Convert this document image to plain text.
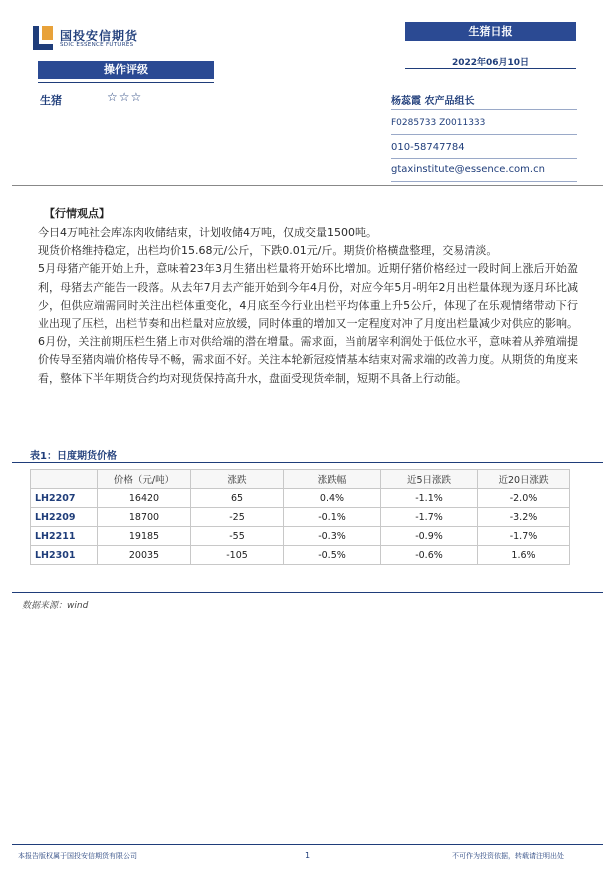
国投安信期货
SDIC ESSENCE FUTURES
生猪日报
2022年06月10日
操作评级
生猪	☆☆☆	杨蕊霞 农产品组长
F0285733 Z0011333
010-58747784
gtaxinstitute@essence.com.cn
【行情观点】

今日4万吨社会库冻肉收储结束，计划收储4万吨，仅成交量1500吨。

现货价格维持稳定，出栏均价15.68元/公斤，下跌0.01元/斤。期货价格横盘整理，交易清淡。

5月母猪产能开始上升，意味着23年3月生猪出栏量将开始环比增加。近期仔猪价格经过一段时间上涨后开始盈利，母猪去产能告一段落。从去年7月去产能开始到今年4月份，对应今年5月-明年2月出栏量体现为逐月环比减少，但供应端需同时关注出栏体重变化，4月底至今行业出栏平均体重上升5公斤，体现了在乐观情绪带动下行业出现了压栏，出栏节奏和出栏量对应放缓，同时体重的增加又一定程度对冲了月度出栏量减少对供应的影响。6月份，关注前期压栏生猪上市对供给端的潜在增量。需求面，当前屠宰利润处于低位水平，意味着从养殖端提价传导至猪肉端价格传导不畅，需求面不好。关注本轮新冠疫情基本结束对需求端的改善力度。从期货的角度来看，整体下半年期货合约均对现货保持高升水，盘面受现货牵制，短期不具备上行动能。

表1：日度期货价格
	价格（元/吨）	涨跌	涨跌幅	近5日涨跌	近20日涨跌
LH2207	16420	65	0.4%	-1.1%	-2.0%
LH2209	18700	-25	-0.1%	-1.7%	-3.2%
LH2211	19185	-55	-0.3%	-0.9%	-1.7%
LH2301	20035	-105	-0.5%	-0.6%	1.6%
数据来源：wind
本报告版权属于国投安信期货有限公司	1	不可作为投资依据，转载请注明出处
